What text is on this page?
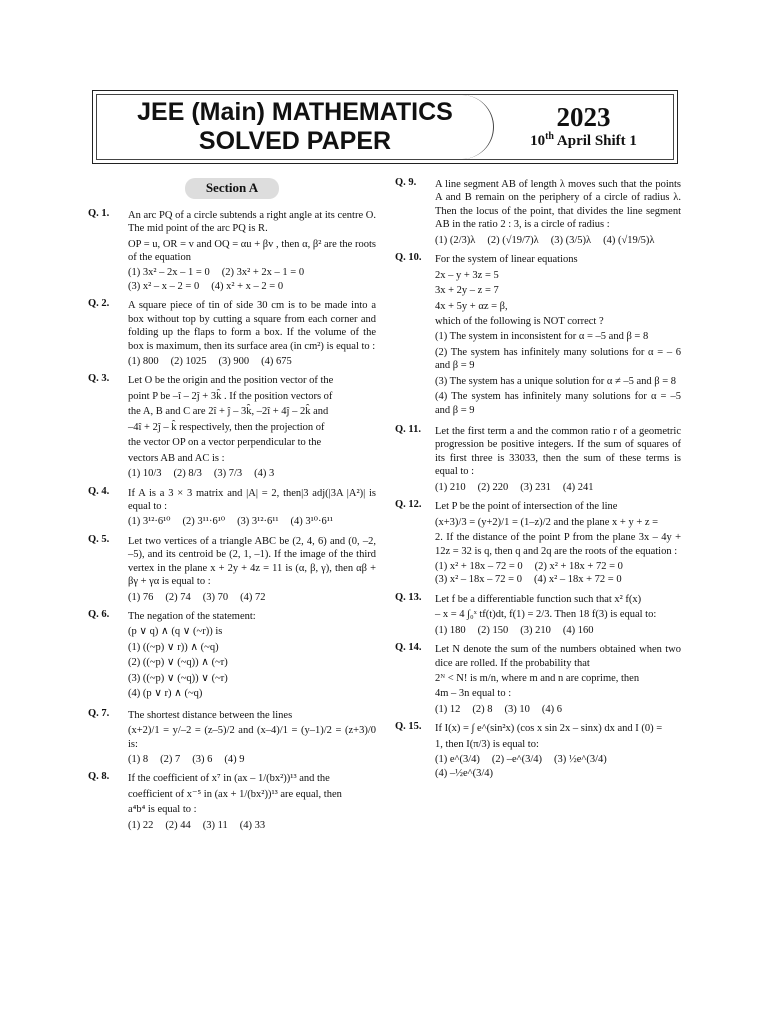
JEE (Main) MATHEMATICS
SOLVED PAPER
2023
10th April Shift 1
Section A
Q. 1.	An arc PQ of a circle subtends a right angle at its centre O. The mid point of the arc PQ is R.
OP = u, OR = v and OQ = αu + βv , then α, β² are the roots of the equation
(1) 3x² – 2x – 1 = 0 (2) 3x² + 2x – 1 = 0
(3) x² – x – 2 = 0 (4) x² + x – 2 = 0
Q. 2.	A square piece of tin of side 30 cm is to be made into a box without top by cutting a square from each corner and folding up the flaps to form a box. If the volume of the box is maximum, then its surface area (in cm²) is equal to :
(1) 800 (2) 1025 (3) 900 (4) 675
Q. 3.	Let O be the origin and the position vector of the
point P be –î – 2ĵ + 3k̂ . If the position vectors of
the A, B and C are 2î + ĵ – 3k̂, –2î + 4ĵ – 2k̂ and
–4î + 2ĵ – k̂ respectively, then the projection of
the vector OP on a vector perpendicular to the
vectors AB and AC is :
(1) 10/3 (2) 8/3 (3) 7/3 (4) 3
Q. 4.	If A is a 3 × 3 matrix and |A| = 2, then|3 adj(|3A |A²)| is equal to :
(1) 3¹²·6¹⁰ (2) 3¹¹·6¹⁰ (3) 3¹²·6¹¹ (4) 3¹⁰·6¹¹
Q. 5.	Let two vertices of a triangle ABC be (2, 4, 6) and (0, –2, –5), and its centroid be (2, 1, –1). If the image of the third vertex in the plane x + 2y + 4z = 11 is (α, β, γ), then αβ + βγ + γα is equal to :
(1) 76 (2) 74 (3) 70 (4) 72
Q. 6.	The negation of the statement:
(p ∨ q) ∧ (q ∨ (~r)) is
(1) ((~p) ∨ r)) ∧ (~q)
(2) ((~p) ∨ (~q)) ∧ (~r)
(3) ((~p) ∨ (~q)) ∨ (~r)
(4) (p ∨ r) ∧ (~q)
Q. 7.	The shortest distance between the lines
(x+2)/1 = y/–2 = (z–5)/2 and (x–4)/1 = (y–1)/2 = (z+3)/0 is:
(1) 8 (2) 7 (3) 6 (4) 9
Q. 8.	If the coefficient of x⁷ in (ax – 1/(bx²))¹³ and the
coefficient of x⁻⁵ in (ax + 1/(bx²))¹³ are equal, then
a⁴b⁴ is equal to :
(1) 22 (2) 44 (3) 11 (4) 33
Q. 9.	A line segment AB of length λ moves such that the points A and B remain on the periphery of a circle of radius λ. Then the locus of the point, that divides the line segment AB in the ratio 2 : 3, is a circle of radius :
(1) (2/3)λ (2) (√19/7)λ (3) (3/5)λ (4) (√19/5)λ
Q. 10.	For the system of linear equations
2x – y + 3z = 5
3x + 2y – z = 7
4x + 5y + αz = β,
which of the following is NOT correct ?
(1) The system in inconsistent for α = –5 and β = 8
(2) The system has infinitely many solutions for α = – 6 and β = 9
(3) The system has a unique solution for α ≠ –5 and β = 8
(4) The system has infinitely many solutions for α = –5 and β = 9
Q. 11.	Let the first term a and the common ratio r of a geometric progression be positive integers. If the sum of squares of its first three is 33033, then the sum of these terms is equal to :
(1) 210 (2) 220 (3) 231 (4) 241
Q. 12.	Let P be the point of intersection of the line
(x+3)/3 = (y+2)/1 = (1–z)/2 and the plane x + y + z =
2. If the distance of the point P from the plane 3x – 4y + 12z = 32 is q, then q and 2q are the roots of the equation :
(1) x² + 18x – 72 = 0 (2) x² + 18x + 72 = 0
(3) x² – 18x – 72 = 0 (4) x² – 18x + 72 = 0
Q. 13.	Let f be a differentiable function such that x² f(x)
– x = 4 ∫₀ˣ tf(t)dt, f(1) = 2/3. Then 18 f(3) is equal to:
(1) 180 (2) 150 (3) 210 (4) 160
Q. 14.	Let N denote the sum of the numbers obtained when two dice are rolled. If the probability that
2ᴺ < N! is m/n, where m and n are coprime, then
4m – 3n equal to :
(1) 12 (2) 8 (3) 10 (4) 6
Q. 15.	If I(x) = ∫ e^(sin²x) (cos x sin 2x – sinx) dx and I (0) =
1, then I(π/3) is equal to:
(1) e^(3/4) (2) –e^(3/4) (3) ½e^(3/4)
(4) –½e^(3/4)
